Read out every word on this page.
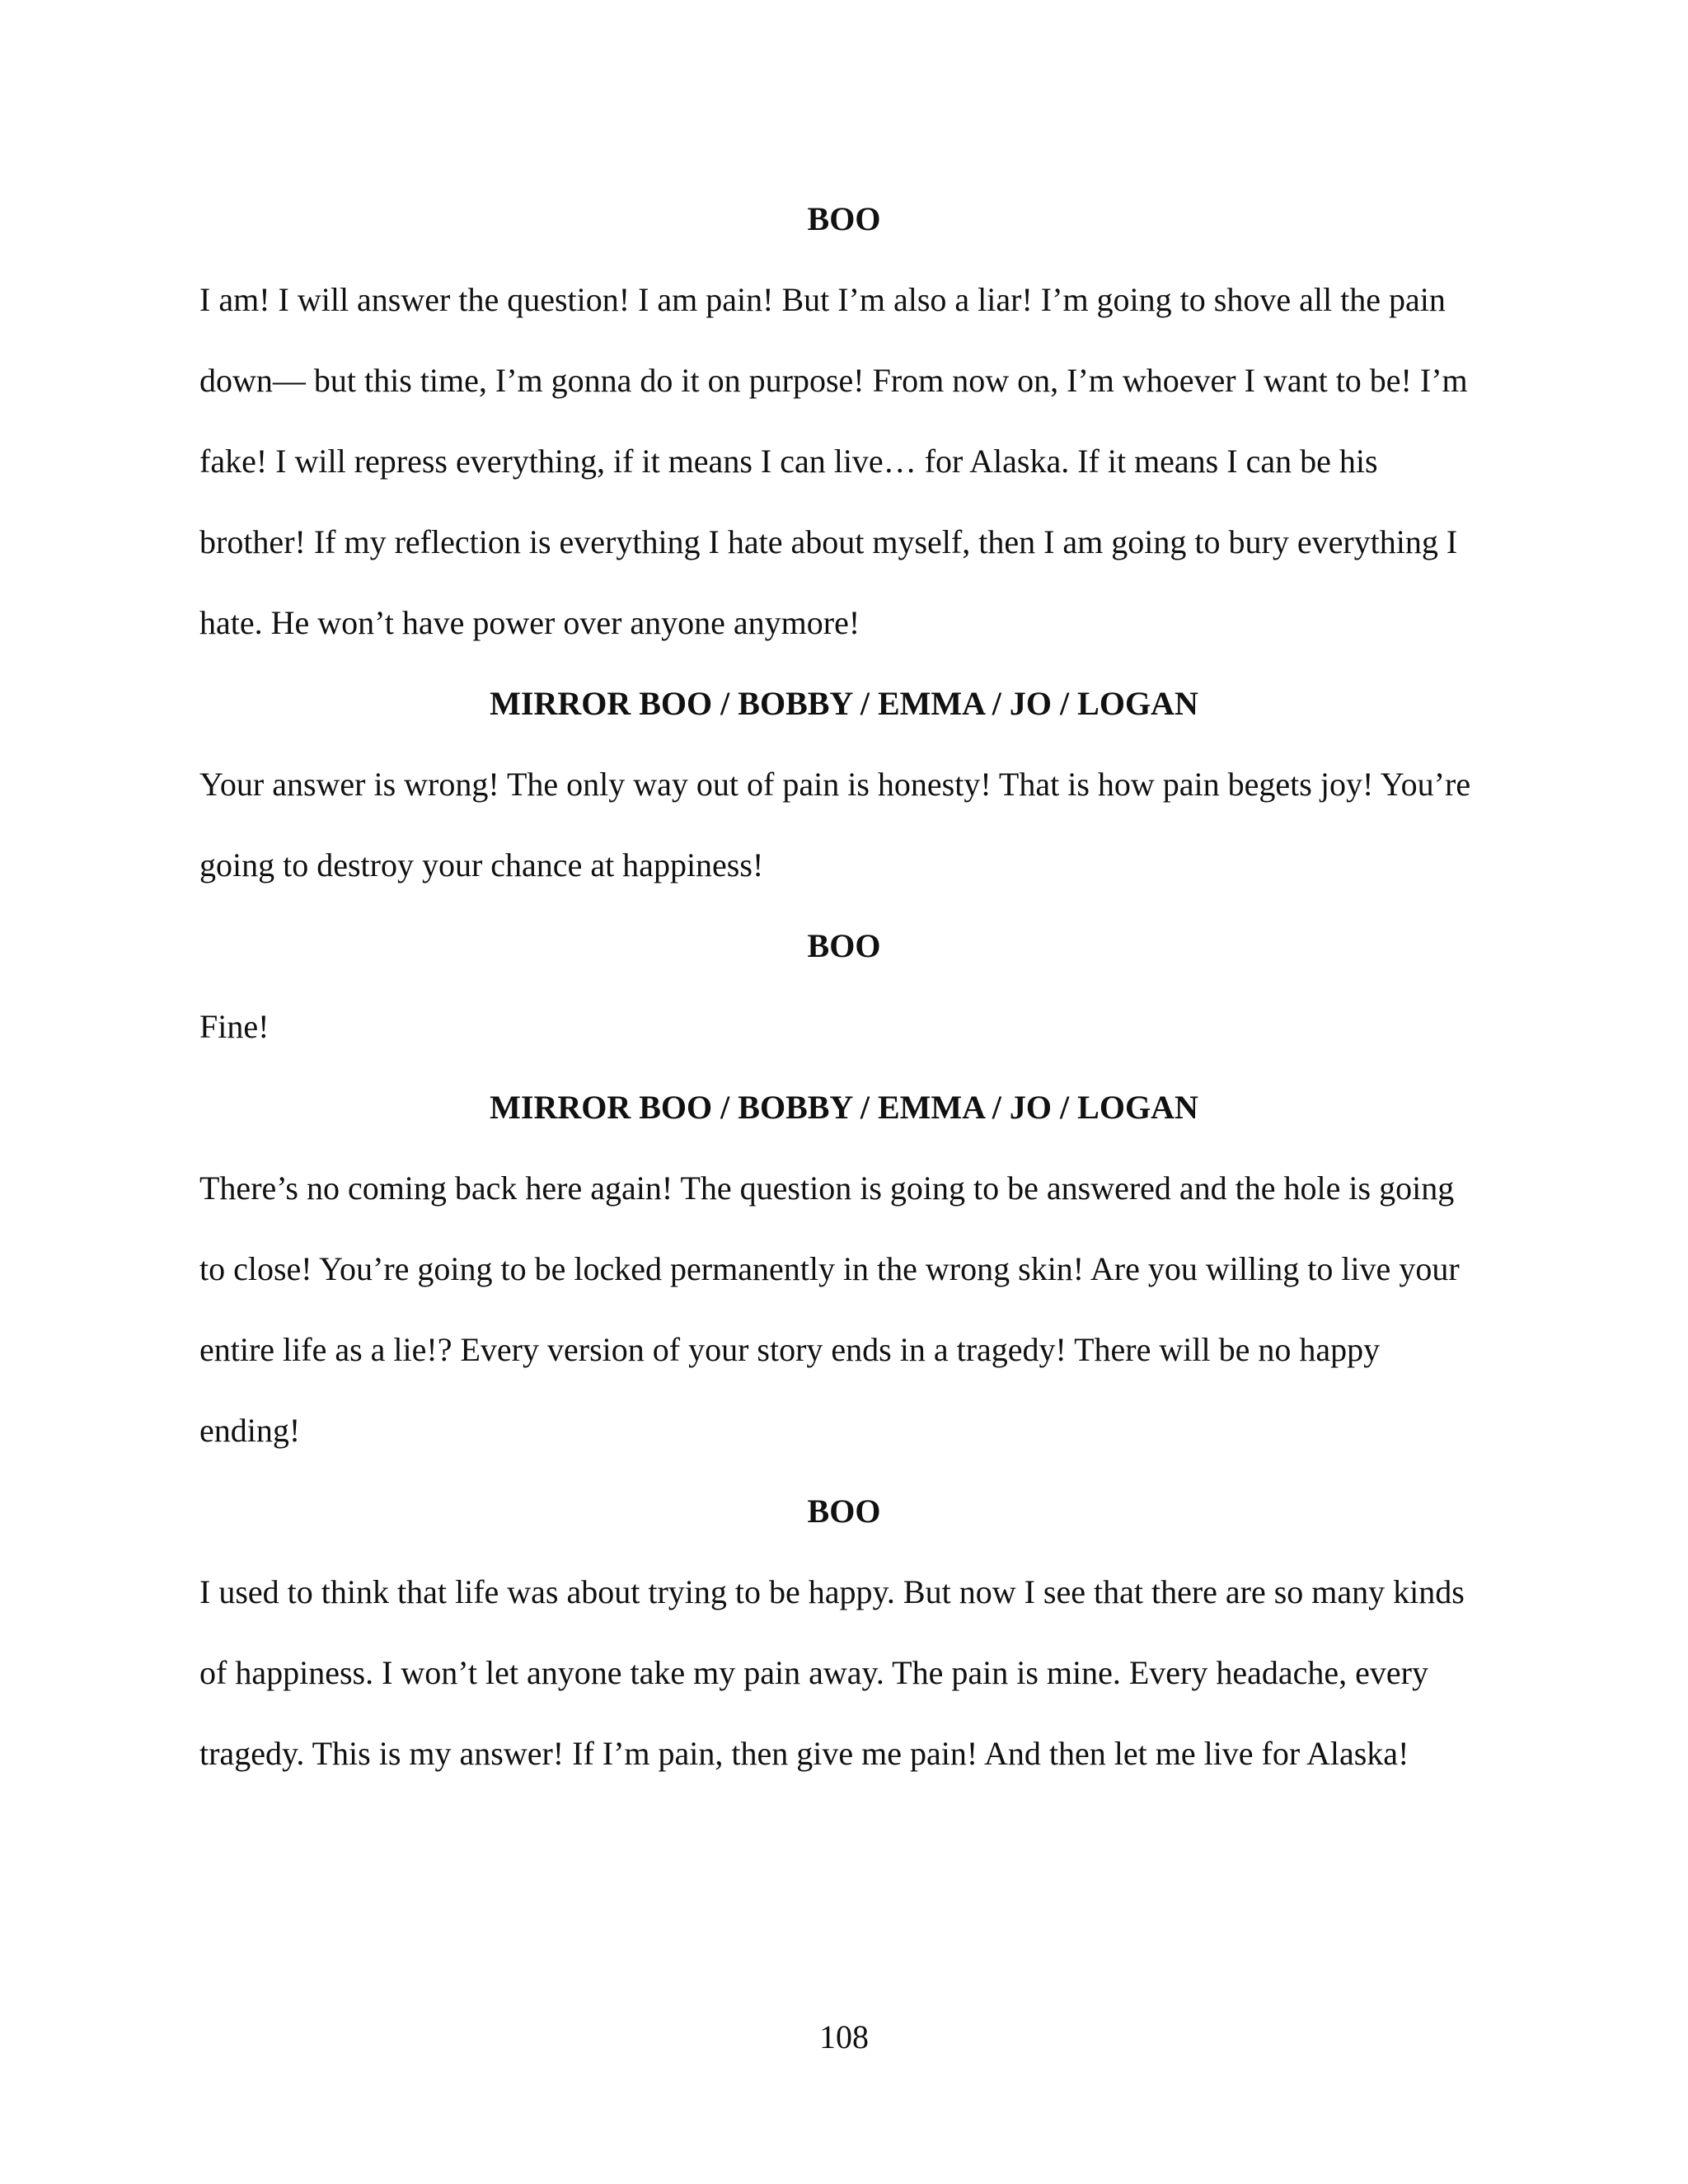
BOO

I am! I will answer the question! I am pain! But I’m also a liar! I’m going to shove all the pain

down— but this time, I’m gonna do it on purpose! From now on, I’m whoever I want to be! I’m

fake! I will repress everything, if it means I can live… for Alaska. If it means I can be his

brother! If my reflection is everything I hate about myself, then I am going to bury everything I

hate. He won’t have power over anyone anymore!

MIRROR BOO / BOBBY / EMMA / JO / LOGAN

Your answer is wrong! The only way out of pain is honesty! That is how pain begets joy! You’re

going to destroy your chance at happiness!

BOO

Fine!

MIRROR BOO / BOBBY / EMMA / JO / LOGAN

There’s no coming back here again! The question is going to be answered and the hole is going

to close! You’re going to be locked permanently in the wrong skin! Are you willing to live your

entire life as a lie!? Every version of your story ends in a tragedy! There will be no happy

ending!

BOO

I used to think that life was about trying to be happy. But now I see that there are so many kinds

of happiness. I won’t let anyone take my pain away. The pain is mine. Every headache, every

tragedy. This is my answer! If I’m pain, then give me pain! And then let me live for Alaska!

108
